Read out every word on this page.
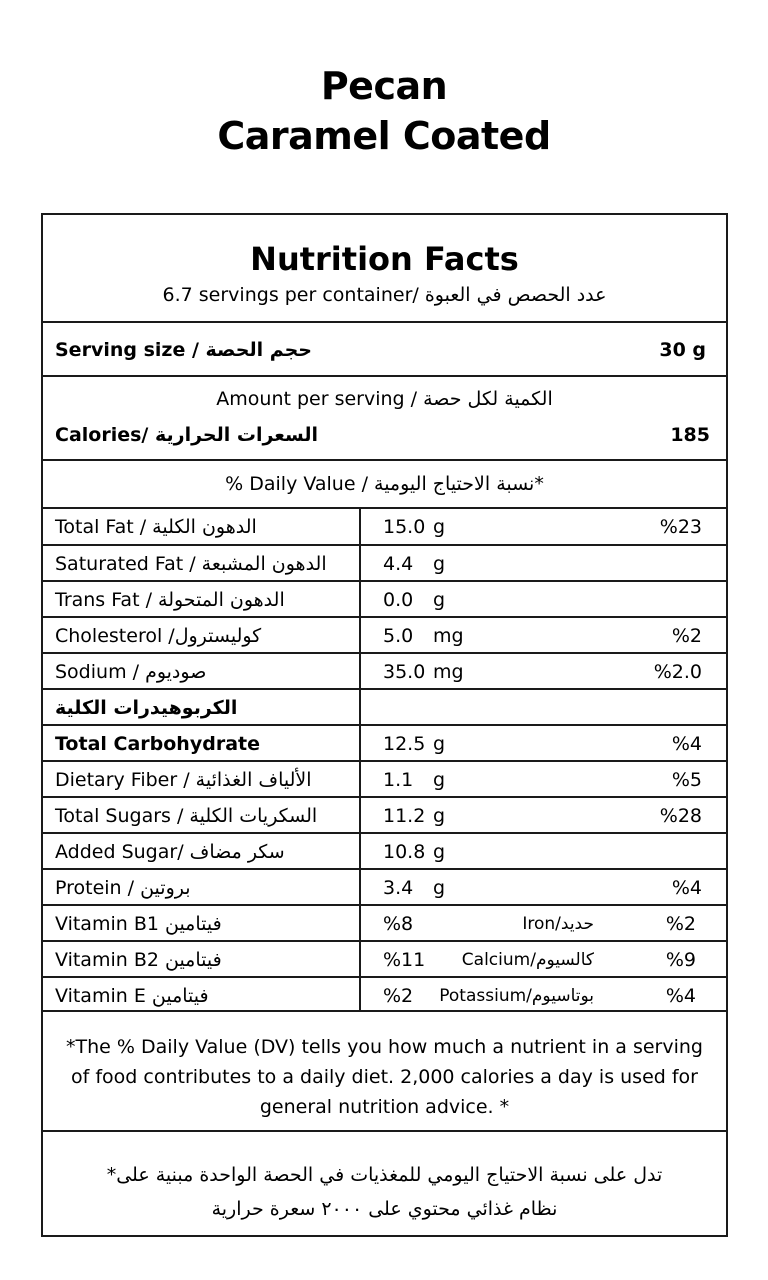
Pecan
Caramel Coated
Nutrition Facts
6.7 servings per container/ عدد الحصص في العبوة
Serving size / حجم الحصة	30 g
Amount per serving / الكمية لكل حصة
Calories/ السعرات الحرارية	185
% Daily Value / نسبة الاحتياج اليومية*
Total Fat / الدهون الكلية	15.0 g	%23
Saturated Fat / الدهون المشبعة	4.4 g
Trans Fat / الدهون المتحولة	0.0 g
Cholesterol /كوليسترول	5.0 mg	%2
Sodium / صوديوم	35.0 mg	%2.0
الكربوهيدرات الكلية
Total Carbohydrate	12.5 g	%4
Dietary Fiber / الألياف الغذائية	1.1 g	%5
Total Sugars / السكريات الكلية	11.2 g	%28
Added Sugar/ سكر مضاف	10.8 g
Protein / بروتين	3.4 g	%4
Vitamin B1 فيتامين	%8	Iron/حديد	%2
Vitamin B2 فيتامين	%11 Calcium/كالسيوم	%9
Vitamin E فيتامين	%2 Potassium/بوتاسيوم	%4
*The % Daily Value (DV) tells you how much a nutrient in a serving of food contributes to a daily diet. 2,000 calories a day is used for general nutrition advice. *
تدل على نسبة الاحتياج اليومي للمغذيات في الحصة الواحدة مبنية على*
نظام غذائي محتوي على ٢٠٠٠ سعرة حرارية
